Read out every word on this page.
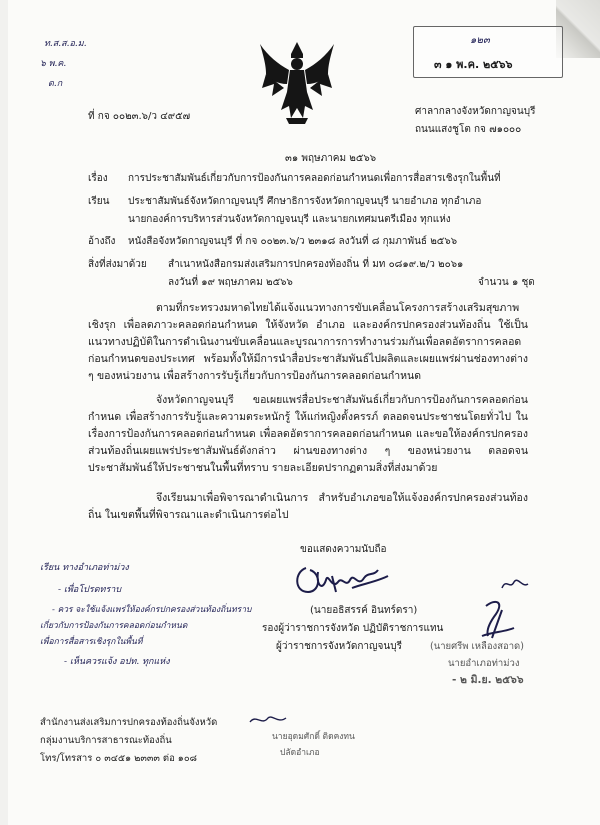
ท.ส.ส.อ.ม.
๖ พ.ค.
ด.ก
๑๒๓
๓ ๑ พ.ค. ๒๕๖๖
ที่ กจ ๐๐๒๓.๖/ว ๔๙๕๗	ศาลากลางจังหวัดกาญจนบุรี
ถนนแสงชูโต กจ ๗๑๐๐๐
๓๑ พฤษภาคม ๒๕๖๖
เรื่อง การประชาสัมพันธ์เกี่ยวกับการป้องกันการคลอดก่อนกำหนดเพื่อการสื่อสารเชิงรุกในพื้นที่
เรียน ประชาสัมพันธ์จังหวัดกาญจนบุรี ศึกษาธิการจังหวัดกาญจนบุรี นายอำเภอ ทุกอำเภอ
นายกองค์การบริหารส่วนจังหวัดกาญจนบุรี และนายกเทศมนตรีเมือง ทุกแห่ง
อ้างถึง หนังสือจังหวัดกาญจนบุรี ที่ กจ ๐๐๒๓.๖/ว ๒๓๑๘ ลงวันที่ ๘ กุมภาพันธ์ ๒๕๖๖
สิ่งที่ส่งมาด้วย สำเนาหนังสือกรมส่งเสริมการปกครองท้องถิ่น ที่ มท ๐๘๑๙.๒/ว ๒๐๖๑
ลงวันที่ ๑๙ พฤษภาคม ๒๕๖๖	จำนวน ๑ ชุด
ตามที่กระทรวงมหาดไทยได้แจ้งแนวทางการขับเคลื่อนโครงการสร้างเสริมสุขภาพเชิงรุก เพื่อลดภาวะคลอดก่อนกำหนด ให้จังหวัด อำเภอ และองค์กรปกครองส่วนท้องถิ่น ใช้เป็นแนวทางปฏิบัติในการดำเนินงานขับเคลื่อนและบูรณาการการทำงานร่วมกันเพื่อลดอัตราการคลอดก่อนกำหนดของประเทศ พร้อมทั้งให้มีการนำสื่อประชาสัมพันธ์ไปผลิตและเผยแพร่ผ่านช่องทางต่าง ๆ ของหน่วยงาน เพื่อสร้างการรับรู้เกี่ยวกับการป้องกันการคลอดก่อนกำหนด
จังหวัดกาญจนบุรี ขอเผยแพร่สื่อประชาสัมพันธ์เกี่ยวกับการป้องกันการคลอดก่อนกำหนด เพื่อสร้างการรับรู้และความตระหนักรู้ ให้แก่หญิงตั้งครรภ์ ตลอดจนประชาชนโดยทั่วไป ในเรื่องการป้องกันการคลอดก่อนกำหนด เพื่อลดอัตราการคลอดก่อนกำหนด และขอให้องค์กรปกครองส่วนท้องถิ่นเผยแพร่ประชาสัมพันธ์ดังกล่าว ผ่านของทางต่าง ๆ ของหน่วยงาน ตลอดจนประชาสัมพันธ์ให้ประชาชนในพื้นที่ทราบ รายละเอียดปรากฏตามสิ่งที่ส่งมาด้วย
จึงเรียนมาเพื่อพิจารณาดำเนินการ สำหรับอำเภอขอให้แจ้งองค์กรปกครองส่วนท้องถิ่น ในเขตพื้นที่พิจารณาและดำเนินการต่อไป
ขอแสดงความนับถือ
(นายอธิสรรค์ อินทร์ดรา)
รองผู้ว่าราชการจังหวัด ปฏิบัติราชการแทน
ผู้ว่าราชการจังหวัดกาญจนบุรี	(นายศรีพ เหลืองสอาด)
นายอำเภอท่าม่วง
- ๒ มิ.ย. ๒๕๖๖
เรียน ทางอำเภอท่าม่วง
- เพื่อโปรดทราบ
- ควร จะใช้แจ้งแพร่ให้องค์กรปกครองส่วนท้องถิ่นทราบ
เกี่ยวกับการป้องกันการคลอดก่อนกำหนด
เพื่อการสื่อสารเชิงรุกในพื้นที่
- เห็นควรแจ้ง อปท. ทุกแห่ง
สำนักงานส่งเสริมการปกครองท้องถิ่นจังหวัด
กลุ่มงานบริการสาธารณะท้องถิ่น
โทร/โทรสาร ๐ ๓๔๕๑ ๒๓๓๓ ต่อ ๑๐๘
นายอุดมศักดิ์ ติดคงทน
ปลัดอำเภอ
